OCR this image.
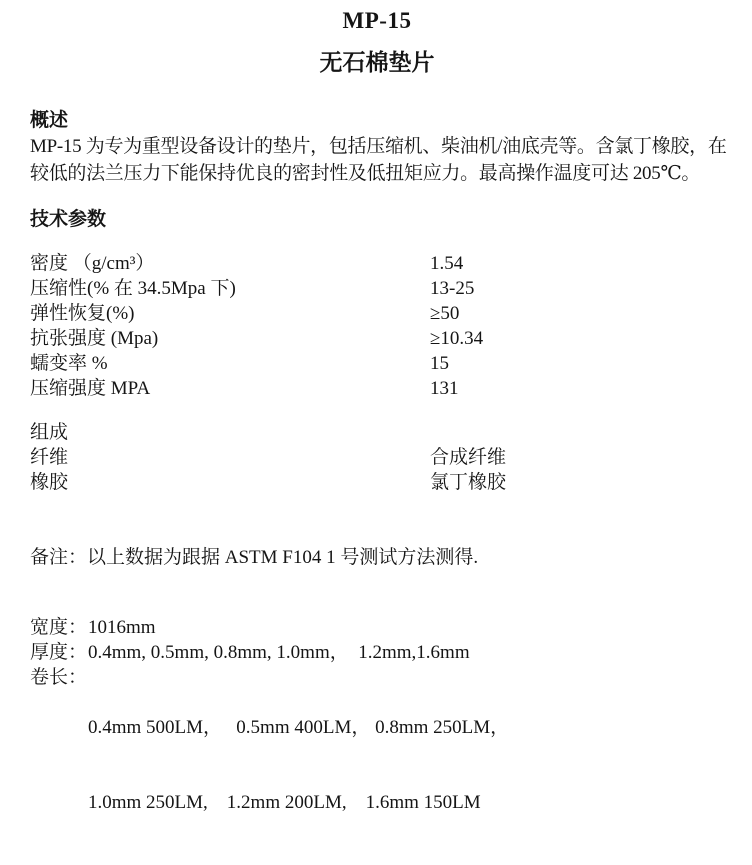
MP-15
无石棉垫片
概述
MP-15 为专为重型设备设计的垫片，包括压缩机、柴油机/油底壳等。含氯丁橡胶，在
较低的法兰压力下能保持优良的密封性及低扭矩应力。最高操作温度可达 205℃。
技术参数
密度 （g/cm³）	1.54
压缩性(% 在 34.5Mpa 下)	13-25
弹性恢复(%)	≥50
抗张强度 (Mpa)	≥10.34
蠕变率 %	15
压缩强度 MPA	131
组成
纤维	合成纤维
橡胶	氯丁橡胶
备注： 以上数据为跟据 ASTM F104 1 号测试方法测得.
宽度： 1016mm
厚度： 0.4mm, 0.5mm, 0.8mm, 1.0mm，  1.2mm,1.6mm
卷长：

0.4mm 500LM，   0.5mm 400LM， 0.8mm 250LM，

1.0mm 250LM,    1.2mm 200LM,    1.6mm 150LM
